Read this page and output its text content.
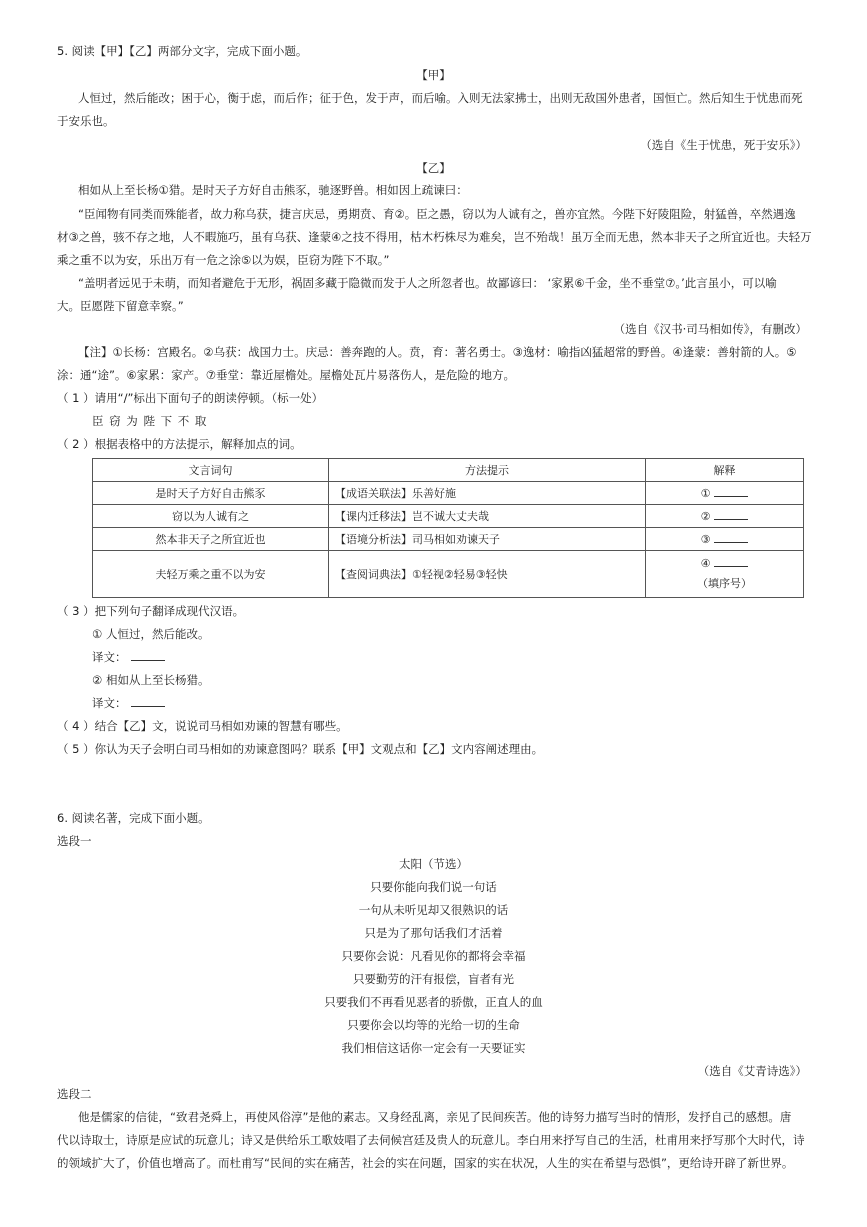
5. 阅读【甲】【乙】两部分文字，完成下面小题。
【甲】
人恒过，然后能改；困于心，衡于虑，而后作；征于色，发于声，而后喻。入则无法家拂士，出则无敌国外患者，国恒亡。然后知生于忧患而死
于安乐也。
（选自《生于忧患，死于安乐》）
【乙】
相如从上至长杨①猎。是时天子方好自击熊豕，驰逐野兽。相如因上疏谏曰：
“臣闻物有同类而殊能者，故力称乌获，捷言庆忌，勇期贲、育②。臣之愚，窃以为人诚有之，兽亦宜然。今陛下好陵阻险，射猛兽，卒然遇逸
材③之兽，骇不存之地，人不暇施巧，虽有乌获、逢蒙④之技不得用，枯木朽株尽为难矣，岂不殆哉！虽万全而无患，然本非天子之所宜近也。夫轻万
乘之重不以为安，乐出万有一危之涂⑤以为娱，臣窃为陛下不取。”
“盖明者远见于未萌，而知者避危于无形，祸固多藏于隐微而发于人之所忽者也。故鄙谚曰： ‘家累⑥千金，坐不垂堂⑦。’此言虽小，可以喻
大。臣愿陛下留意幸察。”
（选自《汉书·司马相如传》，有删改）
【注】①长杨：宫殿名。②乌获：战国力士。庆忌：善奔跑的人。贲，育：著名勇士。③逸材：喻指凶猛超常的野兽。④逢蒙：善射箭的人。⑤
涂：通“途”。⑥家累：家产。⑦垂堂：靠近屋檐处。屋檐处瓦片易落伤人，是危险的地方。
（ 1 ）请用“/”标出下面句子的朗读停顿。（标一处）
臣 窃 为 陛 下 不 取
（ 2 ）根据表格中的方法提示，解释加点的词。
文言词句	方法提示	解释
是时天子方好自击熊豕	【成语关联法】乐善好施	①
窃以为人诚有之	【课内迁移法】岂不诚大丈夫哉	②
然本非天子之所宜近也	【语境分析法】司马相如劝谏天子	③
夫轻万乘之重不以为安	【查阅词典法】①轻视②轻易③轻快	④
（填序号）
（ 3 ）把下列句子翻译成现代汉语。
① 人恒过，然后能改。
译文：
② 相如从上至长杨猎。
译文：
（ 4 ）结合【乙】文，说说司马相如劝谏的智慧有哪些。
（ 5 ）你认为天子会明白司马相如的劝谏意图吗？联系【甲】文观点和【乙】文内容阐述理由。
6. 阅读名著，完成下面小题。
选段一
太阳（节选）
只要你能向我们说一句话
一句从未听见却又很熟识的话
只是为了那句话我们才活着
只要你会说：凡看见你的都将会幸福
只要勤劳的汗有报偿，盲者有光
只要我们不再看见恶者的骄傲，正直人的血
只要你会以均等的光给一切的生命
我们相信这话你一定会有一天要证实
（选自《艾青诗选》）
选段二
他是儒家的信徒，“致君尧舜上，再使风俗淳”是他的素志。又身经乱离，亲见了民间疾苦。他的诗努力描写当时的情形，发抒自己的感想。唐
代以诗取士，诗原是应试的玩意儿；诗又是供给乐工歌妓唱了去伺候宫廷及贵人的玩意儿。李白用来抒写自己的生活，杜甫用来抒写那个大时代，诗
的领域扩大了，价值也增高了。而杜甫写“民间的实在痛苦，社会的实在问题，国家的实在状况，人生的实在希望与恐惧”，更给诗开辟了新世界。
